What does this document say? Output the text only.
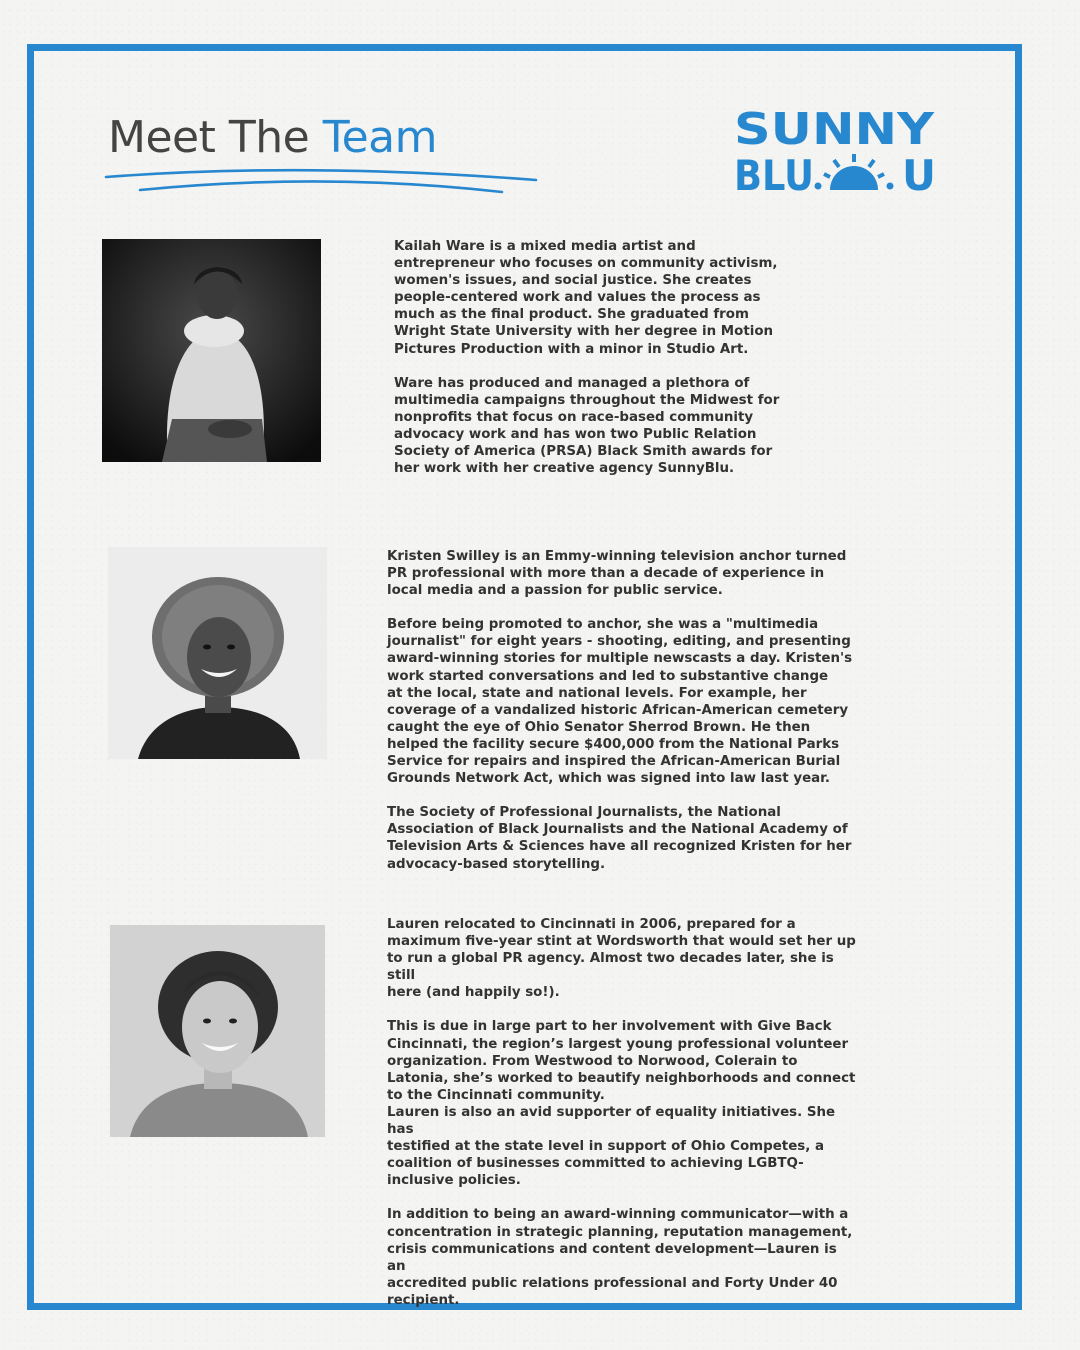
Meet The Team	SUNNY
BLU U

Kailah Ware is a mixed media artist and
entrepreneur who focuses on community activism,
women's issues, and social justice. She creates
people-centered work and values the process as
much as the final product. She graduated from
Wright State University with her degree in Motion
Pictures Production with a minor in Studio Art.

Ware has produced and managed a plethora of
multimedia campaigns throughout the Midwest for
nonprofits that focus on race-based community
advocacy work and has won two Public Relation
Society of America (PRSA) Black Smith awards for
her work with her creative agency SunnyBlu.

Kristen Swilley is an Emmy-winning television anchor turned
PR professional with more than a decade of experience in
local media and a passion for public service.

Before being promoted to anchor, she was a "multimedia
journalist" for eight years - shooting, editing, and presenting
award-winning stories for multiple newscasts a day. Kristen's
work started conversations and led to substantive change
at the local, state and national levels. For example, her
coverage of a vandalized historic African-American cemetery
caught the eye of Ohio Senator Sherrod Brown. He then
helped the facility secure $400,000 from the National Parks
Service for repairs and inspired the African-American Burial
Grounds Network Act, which was signed into law last year.

The Society of Professional Journalists, the National
Association of Black Journalists and the National Academy of
Television Arts & Sciences have all recognized Kristen for her
advocacy-based storytelling.

Lauren relocated to Cincinnati in 2006, prepared for a
maximum five-year stint at Wordsworth that would set her up
to run a global PR agency. Almost two decades later, she is still
here (and happily so!).

This is due in large part to her involvement with Give Back
Cincinnati, the region’s largest young professional volunteer
organization. From Westwood to Norwood, Colerain to
Latonia, she’s worked to beautify neighborhoods and connect
to the Cincinnati community.
Lauren is also an avid supporter of equality initiatives. She has
testified at the state level in support of Ohio Competes, a
coalition of businesses committed to achieving LGBTQ-
inclusive policies.

In addition to being an award-winning communicator—with a
concentration in strategic planning, reputation management,
crisis communications and content development—Lauren is an
accredited public relations professional and Forty Under 40
recipient.
